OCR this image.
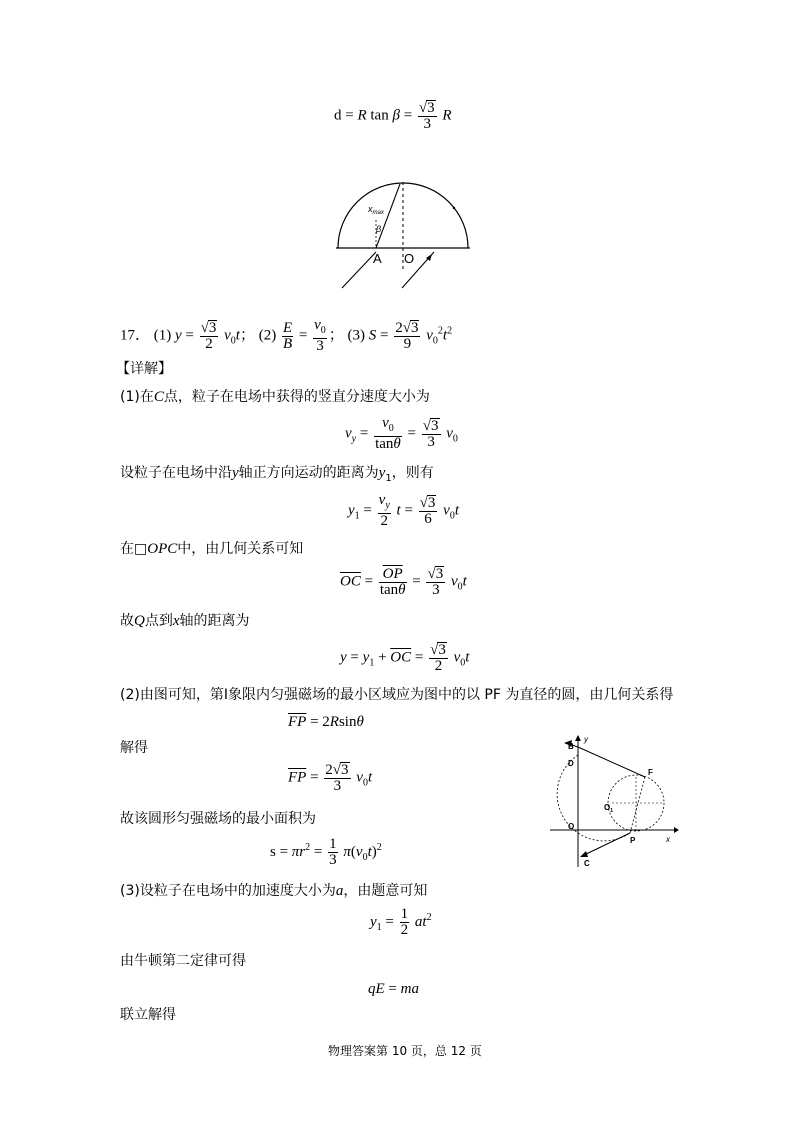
d = R $\tan \beta = \frac{√3}{3}$ R
$x_{max}$
β
A O
17． (1) $y = \frac{√3}{2} v_0t$； $(2) \frac{E}{B} = \frac{v_0}{3}$ ； (3) $S = \frac{2√3}{9} v_0^2t^2$
【详解】
(1)在C点，粒子在电场中获得的竖直分速度大小为
$v_y = \frac{v_0}{\tan\theta} = \frac{√3}{3} v_0$
设粒子在电场中沿y轴正方向运动的距离为$y_1$，则有
$y_1 = \frac{v_y}{2}$ $t = \frac{√3}{6} v_0t$
在□OPC中，由几何关系可知
$\overline{OC} = \frac{\overline{OP}}{\tan\theta} = \frac{√3}{3} v_0t$
故Q点到x轴的距离为
$y = y_1 + \overline{OC} = \frac{√3}{2} v_0t$
(2)由图可知，第Ⅰ象限内匀强磁场的最小区域应为图中的以 PF 为直径的圆，由几何关系得
$\overline{FP} = 2Rsin\theta$
解得
$\overline{FP} = \frac{2√3}{3} v_0t$
故该圆形匀强磁场的最小面积为
$s = \pi r^2 = \frac{1}{3} \pi(v_0t)^2$
y
x
B
D
F
$O_1$
O
P
C
(3)设粒子在电场中的加速度大小为a，由题意可知
$y_1 = \frac{1}{2} at^2$
由牛顿第二定律可得
qE = ma
联立解得
物理答案第 10 页，总 12 页
